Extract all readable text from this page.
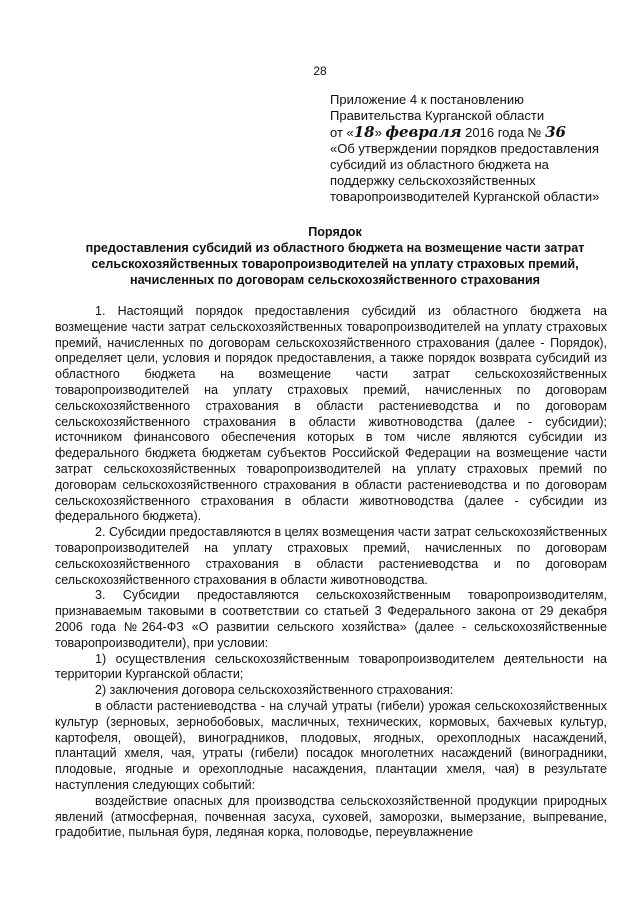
28
Приложение 4 к постановлению
Правительства Курганской области
от «18» февраля 2016 года № 36
«Об утверждении порядков предоставления
субсидий из областного бюджета на
поддержку сельскохозяйственных
товаропроизводителей Курганской области»
Порядок
предоставления субсидий из областного бюджета на возмещение части затрат
сельскохозяйственных товаропроизводителей на уплату страховых премий,
начисленных по договорам сельскохозяйственного страхования

1. Настоящий порядок предоставления субсидий из областного бюджета на возмещение части затрат сельскохозяйственных товаропроизводителей на уплату страховых премий, начисленных по договорам сельскохозяйственного страхования (далее - Порядок), определяет цели, условия и порядок предоставления, а также порядок возврата субсидий из областного бюджета на возмещение части затрат сельскохозяйственных товаропроизводителей на уплату страховых премий, начисленных по договорам сельскохозяйственного страхования в области растениеводства и по договорам сельскохозяйственного страхования в области животноводства (далее - субсидии); источником финансового обеспечения которых в том числе являются субсидии из федерального бюджета бюджетам субъектов Российской Федерации на возмещение части затрат сельскохозяйственных товаропроизводителей на уплату страховых премий по договорам сельскохозяйственного страхования в области растениеводства и по договорам сельскохозяйственного страхования в области животноводства (далее - субсидии из федерального бюджета).

2. Субсидии предоставляются в целях возмещения части затрат сельскохозяйственных товаропроизводителей на уплату страховых премий, начисленных по договорам сельскохозяйственного страхования в области растениеводства и по договорам сельскохозяйственного страхования в области животноводства.

3. Субсидии предоставляются сельскохозяйственным товаропроизводителям, признаваемым таковыми в соответствии со статьей 3 Федерального закона от 29 декабря 2006 года №264-ФЗ «О развитии сельского хозяйства» (далее - сельскохозяйственные товаропроизводители), при условии:

1) осуществления сельскохозяйственным товаропроизводителем деятельности на территории Курганской области;

2) заключения договора сельскохозяйственного страхования:

в области растениеводства - на случай утраты (гибели) урожая сельскохозяйственных культур (зерновых, зернобобовых, масличных, технических, кормовых, бахчевых культур, картофеля, овощей), виноградников, плодовых, ягодных, орехоплодных насаждений, плантаций хмеля, чая, утраты (гибели) посадок многолетних насаждений (виноградники, плодовые, ягодные и орехоплодные насаждения, плантации хмеля, чая) в результате наступления следующих событий:

воздействие опасных для производства сельскохозяйственной продукции природных явлений (атмосферная, почвенная засуха, суховей, заморозки, вымерзание, выпревание, градобитие, пыльная буря, ледяная корка, половодье, переувлажнение
